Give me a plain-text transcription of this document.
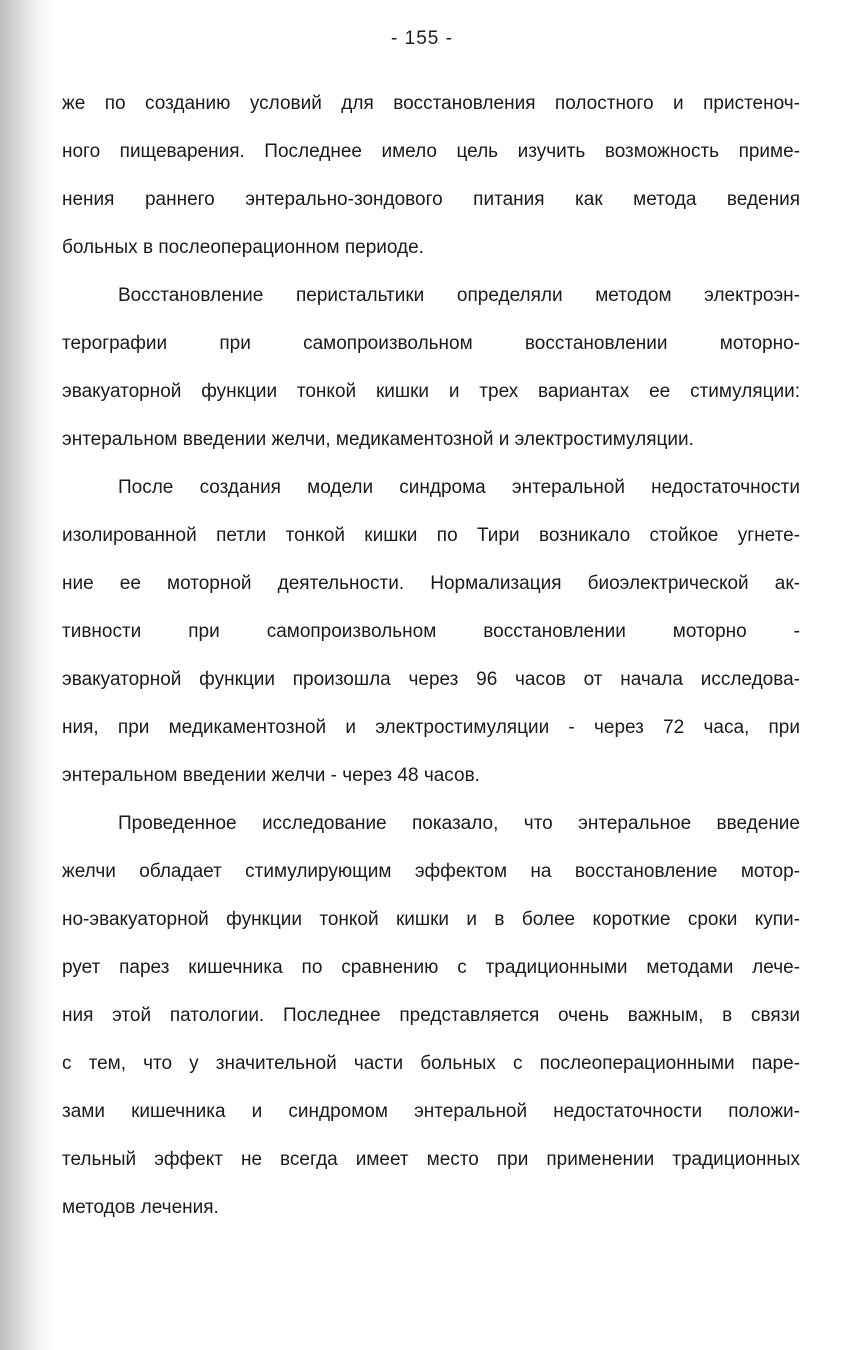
- 155 -
же по созданию условий для восстановления полостного и пристеноч-
ного пищеварения. Последнее имело цель изучить возможность приме-
нения раннего энтерально-зондового питания как метода ведения
больных в послеоперационном периоде.
Восстановление перистальтики определяли методом электроэн-
терографии при самопроизвольном восстановлении моторно-
эвакуаторной функции тонкой кишки и трех вариантах ее стимуляции:
энтеральном введении желчи, медикаментозной и электростимуляции.
После создания модели синдрома энтеральной недостаточности
изолированной петли тонкой кишки по Тири возникало стойкое угнете-
ние ее моторной деятельности. Нормализация биоэлектрической ак-
тивности при самопроизвольном восстановлении моторно -
эвакуаторной функции произошла через 96 часов от начала исследова-
ния, при медикаментозной и электростимуляции - через 72 часа, при
энтеральном введении желчи - через 48 часов.
Проведенное исследование показало, что энтеральное введение
желчи обладает стимулирующим эффектом на восстановление мотор-
но-эвакуаторной функции тонкой кишки и в более короткие сроки купи-
рует парез кишечника по сравнению с традиционными методами лече-
ния этой патологии. Последнее представляется очень важным, в связи
с тем, что у значительной части больных с послеоперационными паре-
зами кишечника и синдромом энтеральной недостаточности положи-
тельный эффект не всегда имеет место при применении традиционных
методов лечения.
